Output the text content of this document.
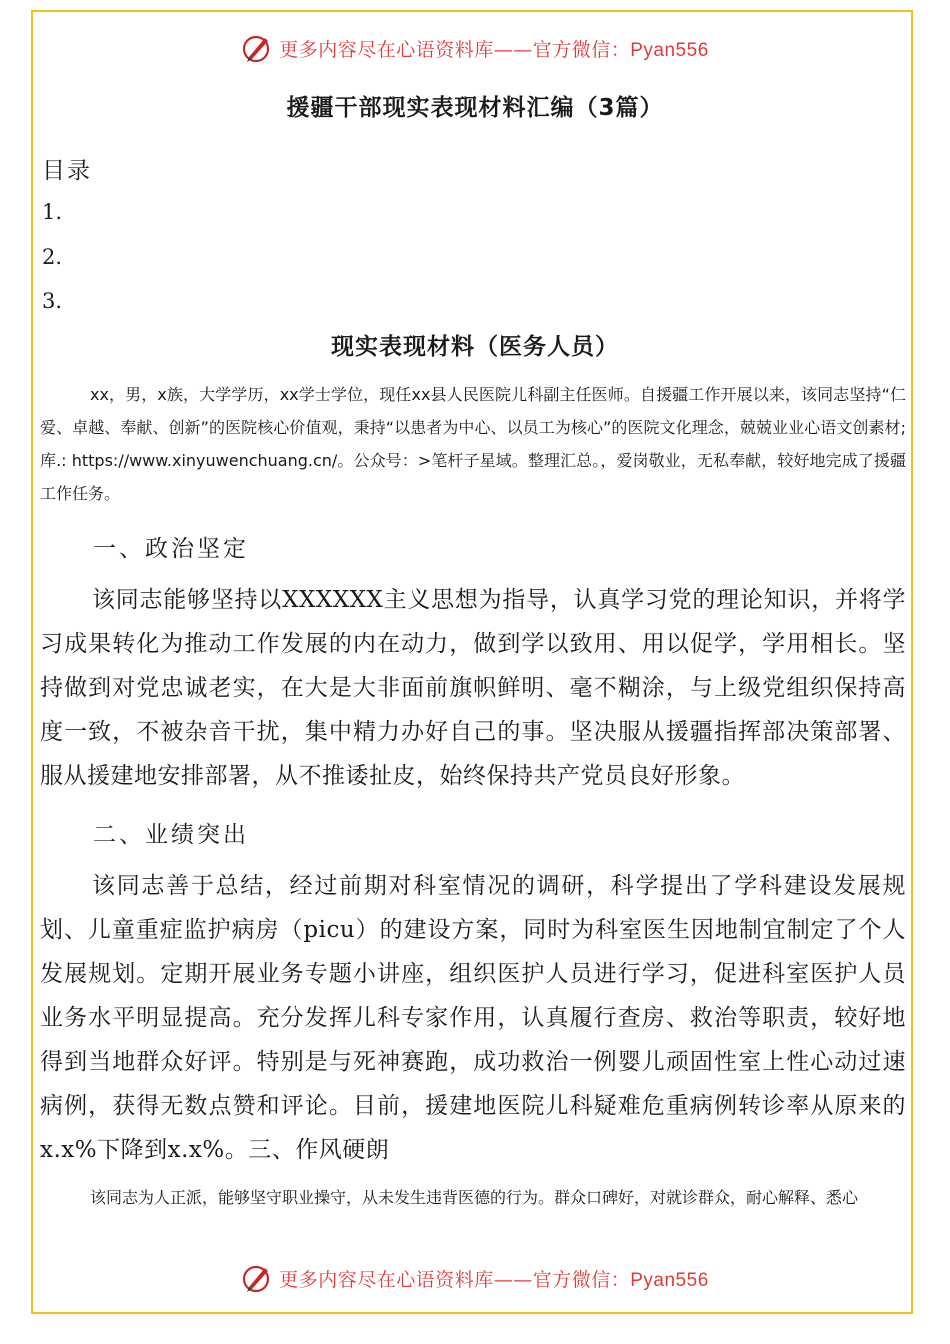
更多内容尽在心语资料库——官方微信：Pyan556
援疆干部现实表现材料汇编（3篇）
目录
1.
2.
3.
现实表现材料（医务人员）
xx，男，x族，大学学历，xx学士学位，现任xx县人民医院儿科副主任医师。自援疆工作开展以来，该同志坚持“仁爱、卓越、奉献、创新”的医院核心价值观，秉持“以患者为中心、以员工为核心”的医院文化理念，兢兢业业心语文创素材;库.: https://www.xinyuwenchuang.cn/。公众号：>笔杆子星域。整理汇总。，爱岗敬业，无私奉献，较好地完成了援疆工作任务。
一、政治坚定
该同志能够坚持以XXXXXX主义思想为指导，认真学习党的理论知识，并将学习成果转化为推动工作发展的内在动力，做到学以致用、用以促学，学用相长。坚持做到对党忠诚老实，在大是大非面前旗帜鲜明、毫不糊涂，与上级党组织保持高度一致，不被杂音干扰，集中精力办好自己的事。坚决服从援疆指挥部决策部署、服从援建地安排部署，从不推诿扯皮，始终保持共产党员良好形象。
二、业绩突出
该同志善于总结，经过前期对科室情况的调研，科学提出了学科建设发展规划、儿童重症监护病房（picu）的建设方案，同时为科室医生因地制宜制定了个人发展规划。定期开展业务专题小讲座，组织医护人员进行学习，促进科室医护人员业务水平明显提高。充分发挥儿科专家作用，认真履行查房、救治等职责，较好地得到当地群众好评。特别是与死神赛跑，成功救治一例婴儿顽固性室上性心动过速病例，获得无数点赞和评论。目前，援建地医院儿科疑难危重病例转诊率从原来的x.x%下降到x.x%。三、作风硬朗
该同志为人正派，能够坚守职业操守，从未发生违背医德的行为。群众口碑好，对就诊群众，耐心解释、悉心
更多内容尽在心语资料库——官方微信：Pyan556
